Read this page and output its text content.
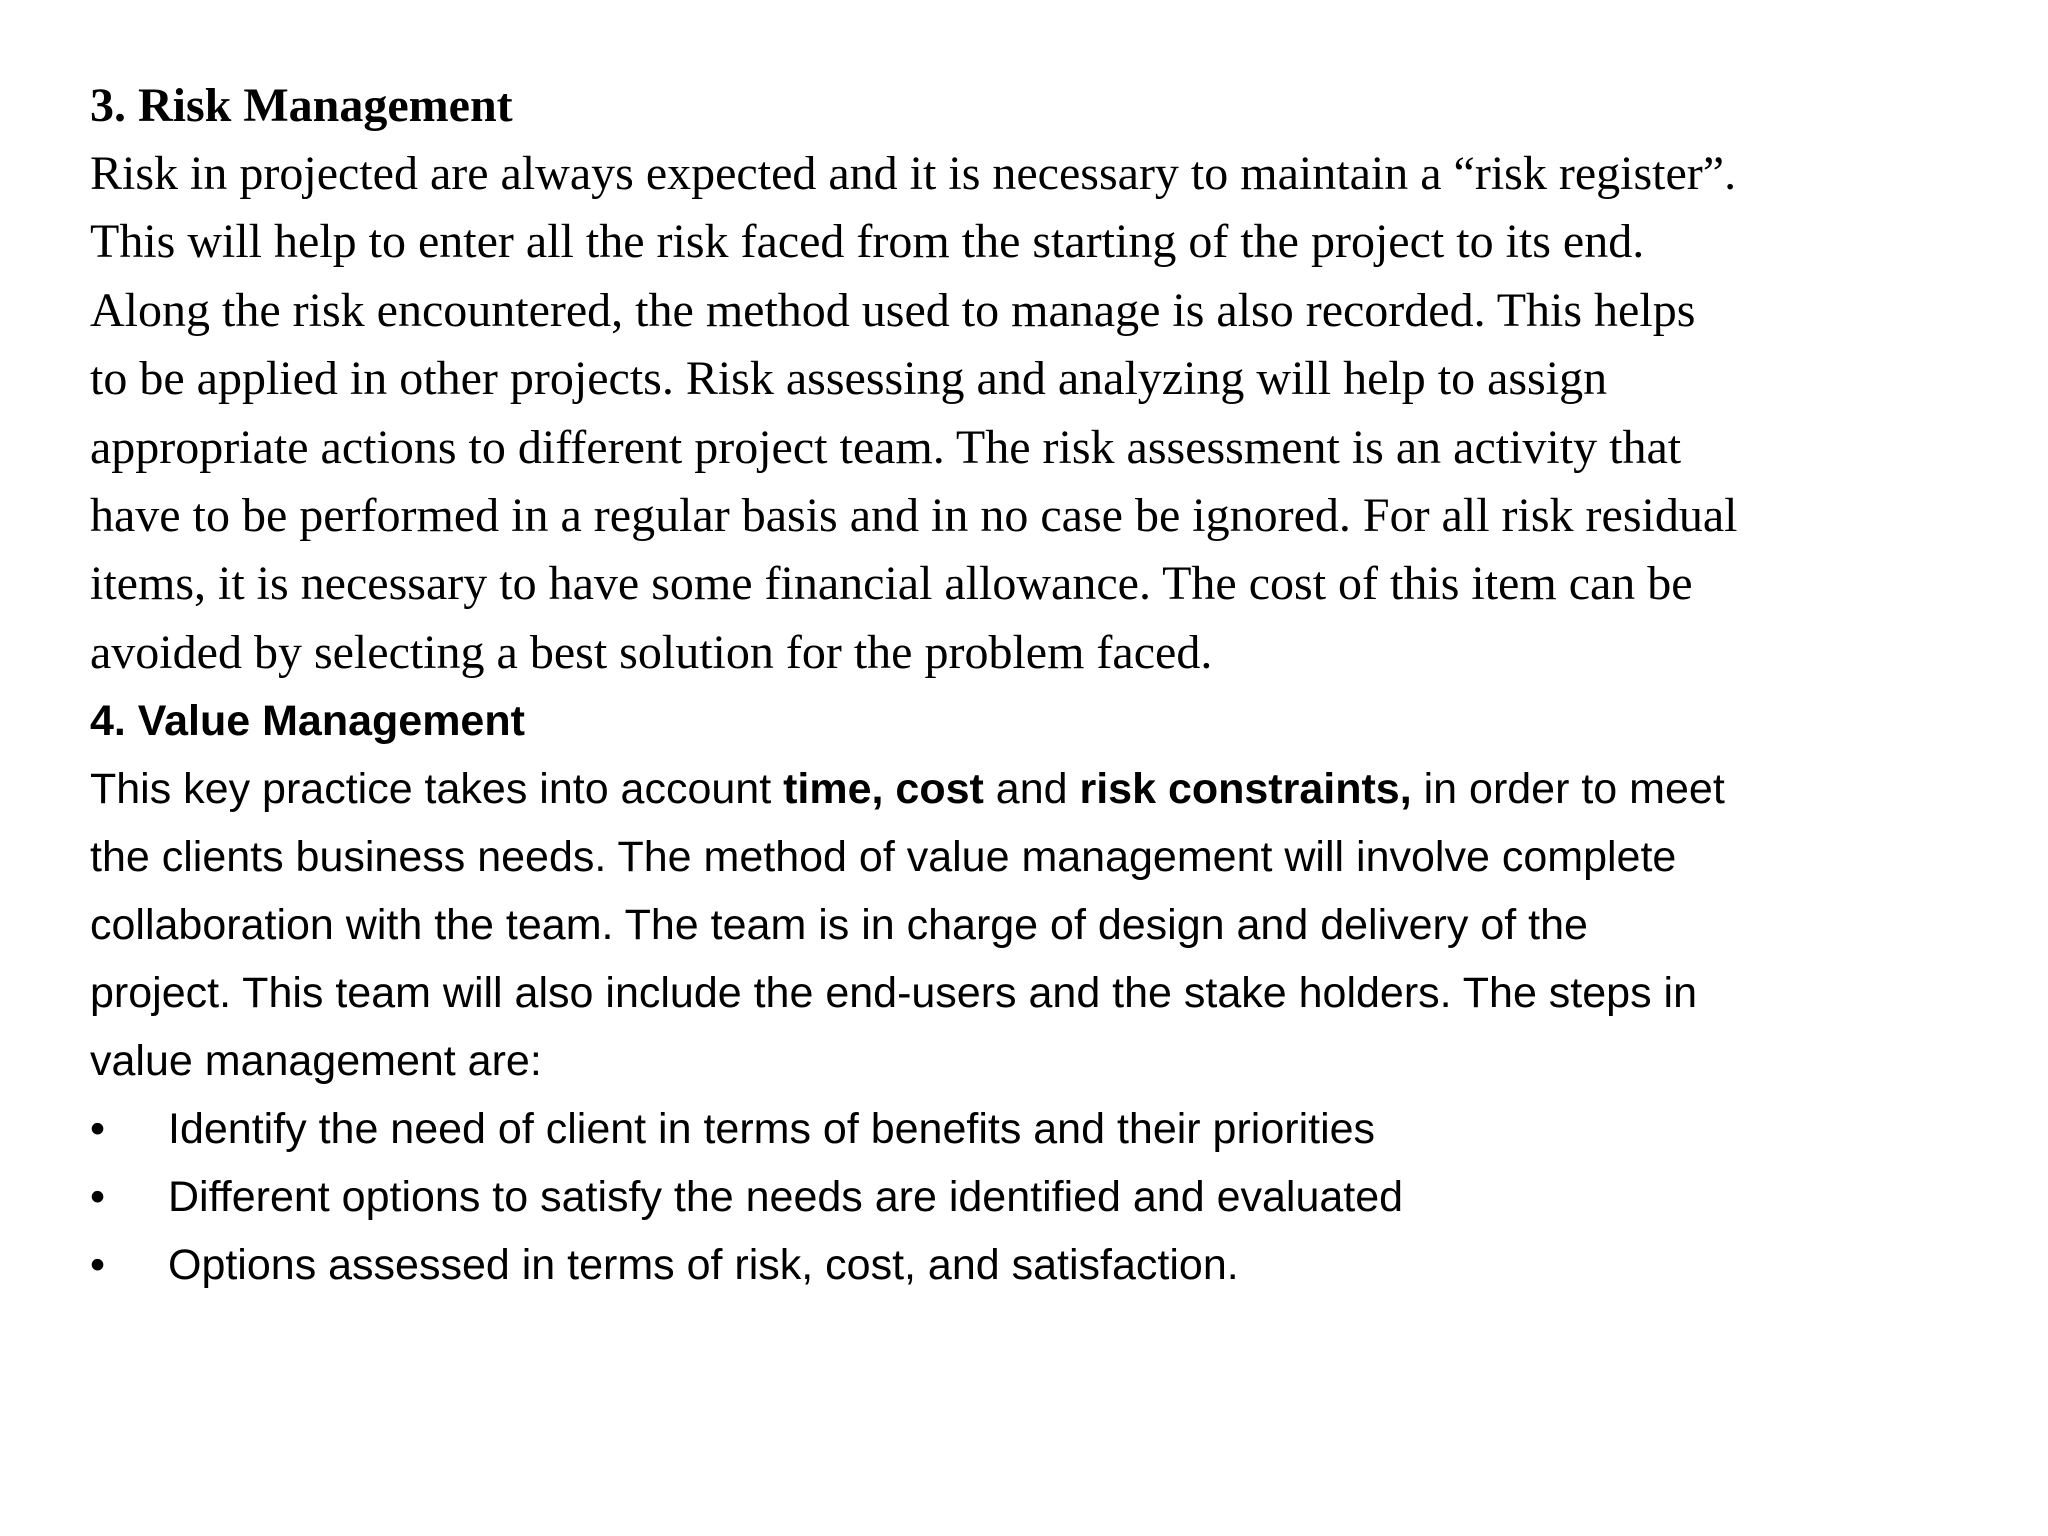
3. Risk Management

Risk in projected are always expected and it is necessary to maintain a “risk register”.

This will help to enter all the risk faced from the starting of the project to its end.

Along the risk encountered, the method used to manage is also recorded. This helps

to be applied in other projects. Risk assessing and analyzing will help to assign

appropriate actions to different project team. The risk assessment is an activity that

have to be performed in a regular basis and in no case be ignored. For all risk residual

items, it is necessary to have some financial allowance. The cost of this item can be

avoided by selecting a best solution for the problem faced.

4. Value Management

This key practice takes into account time, cost and risk constraints, in order to meet

the clients business needs. The method of value management will involve complete

collaboration with the team. The team is in charge of design and delivery of the

project. This team will also include the end-users and the stake holders. The steps in

value management are:

•	Identify the need of client in terms of benefits and their priorities
•	Different options to satisfy the needs are identified and evaluated
•	Options assessed in terms of risk, cost, and satisfaction.
